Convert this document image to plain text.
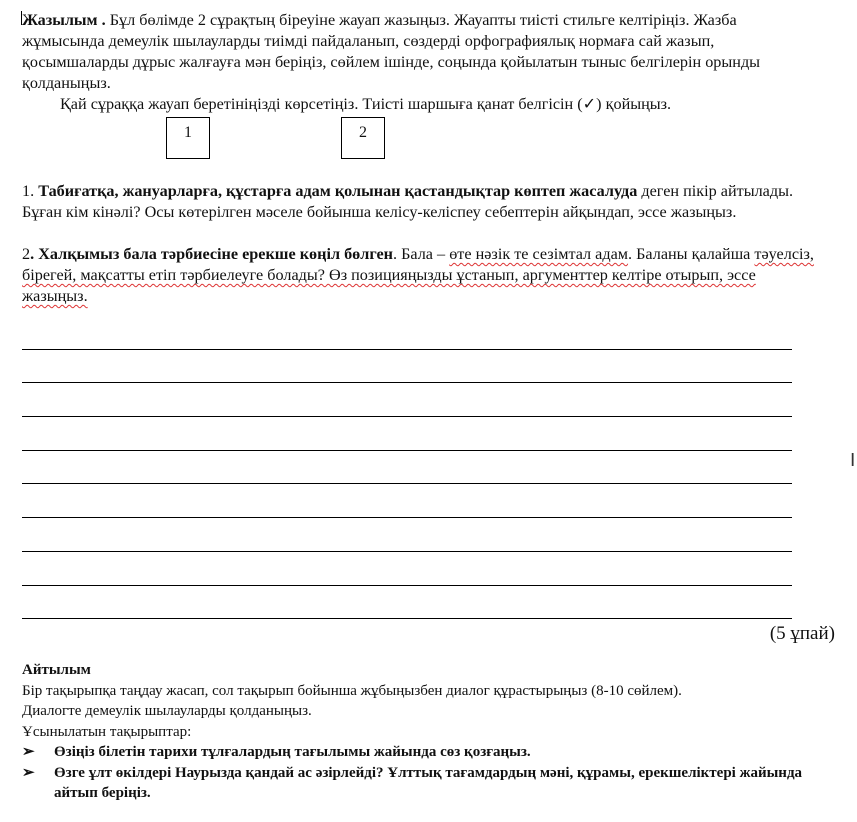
Жазылым . Бұл бөлімде 2 сұрақтың біреуіне жауап жазыңыз. Жауапты тиісті стильге келтіріңіз. Жазба жұмысында демеулік шылауларды тиімді пайдаланып, сөздерді орфографиялық нормаға сай жазып, қосымшаларды дұрыс жалғауға мән беріңіз, сөйлем ішінде, соңында қойылатын тыныс белгілерін орынды қолданыңыз.

Қай сұраққа жауап беретініңізді көрсетіңіз. Тиісті шаршыға қанат белгісін (✓) қойыңыз.

1	2

1. Табиғатқа, жануарларға, құстарға адам қолынан қастандықтар көптеп жасалуда деген пікір айтылады. Бұған кім кінәлі? Осы көтерілген мәселе бойынша келісу-келіспеу себептерін айқындап, эссе жазыңыз.

2. Халқымыз бала тәрбиесіне ерекше көңіл бөлген. Бала – өте нәзік те сезімтал адам. Баланы қалайша тәуелсіз, бірегей, мақсатты етіп тәрбиелеуге болады? Өз позицияңызды ұстанып, аргументтер келтіре отырып, эссе жазыңыз.

(5 ұпай)

Айтылым

Бір тақырыпқа таңдау жасап, сол тақырып бойынша жұбыңызбен диалог құрастырыңыз (8-10 сөйлем).

Диалогте демеулік шылауларды қолданыңыз.

Ұсынылатын тақырыптар:

➢	Өзіңіз білетін тарихи тұлғалардың тағылымы жайында сөз қозғаңыз.
➢	Өзге ұлт өкілдері Наурызда қандай ас әзірлейді? Ұлттық тағамдардың мәні, құрамы, ерекшеліктері жайында айтып беріңіз.
I
